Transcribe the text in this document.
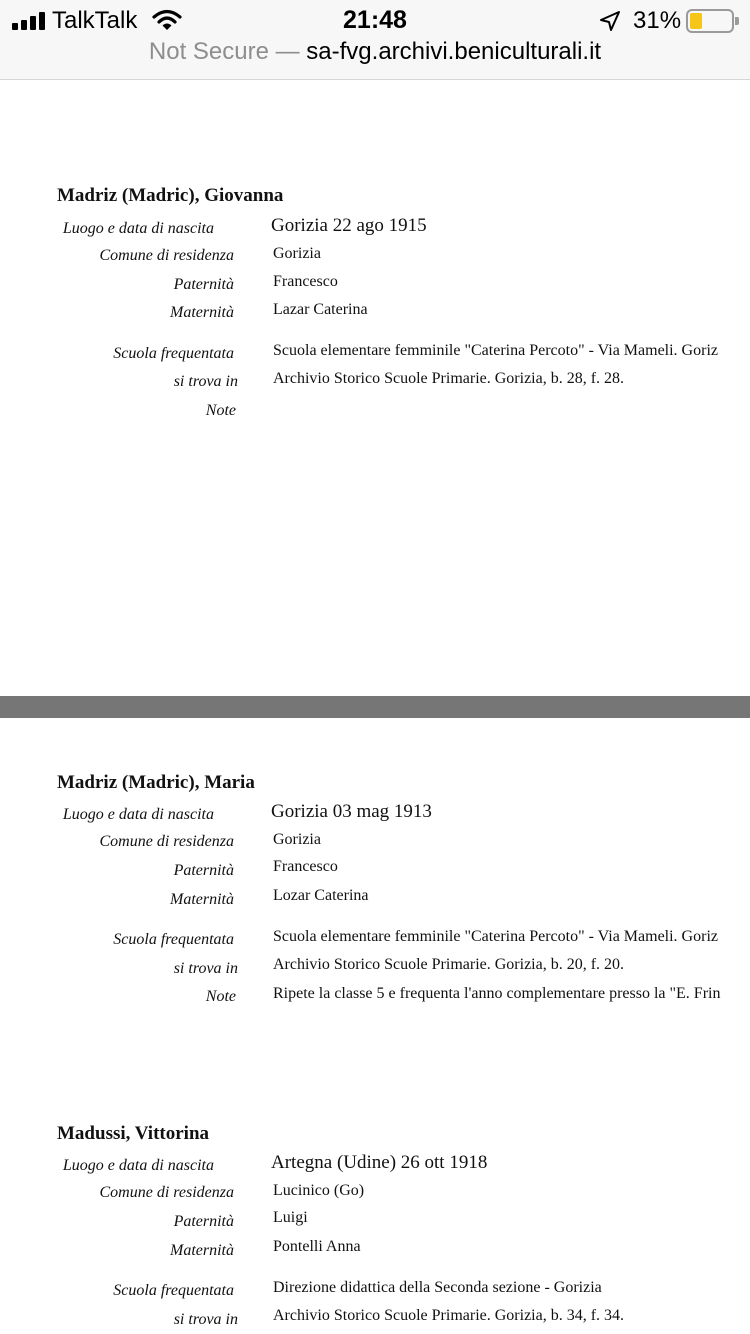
TalkTalk	21:48	31%
Not Secure — sa-fvg.archivi.beniculturali.it
Madriz (Madric), Giovanna
Luogo e data di nascita	Gorizia 22 ago 1915
Comune di residenza Gorizia
Paternità Francesco
Maternità Lazar Caterina
Scuola frequentata Scuola elementare femminile "Caterina Percoto" - Via Mameli. Goriz
si trova in Archivio Storico Scuole Primarie. Gorizia, b. 28, f. 28.
Note
Madriz (Madric), Maria
Luogo e data di nascita	Gorizia 03 mag 1913
Comune di residenza Gorizia
Paternità Francesco
Maternità Lozar Caterina
Scuola frequentata Scuola elementare femminile "Caterina Percoto" - Via Mameli. Goriz
si trova in Archivio Storico Scuole Primarie. Gorizia, b. 20, f. 20.
Note Ripete la classe 5 e frequenta l'anno complementare presso la "E. Frin
Madussi, Vittorina
Luogo e data di nascita	Artegna (Udine) 26 ott 1918
Comune di residenza Lucinico (Go)
Paternità Luigi
Maternità Pontelli Anna
Scuola frequentata Direzione didattica della Seconda sezione - Gorizia
si trova in Archivio Storico Scuole Primarie. Gorizia, b. 34, f. 34.
